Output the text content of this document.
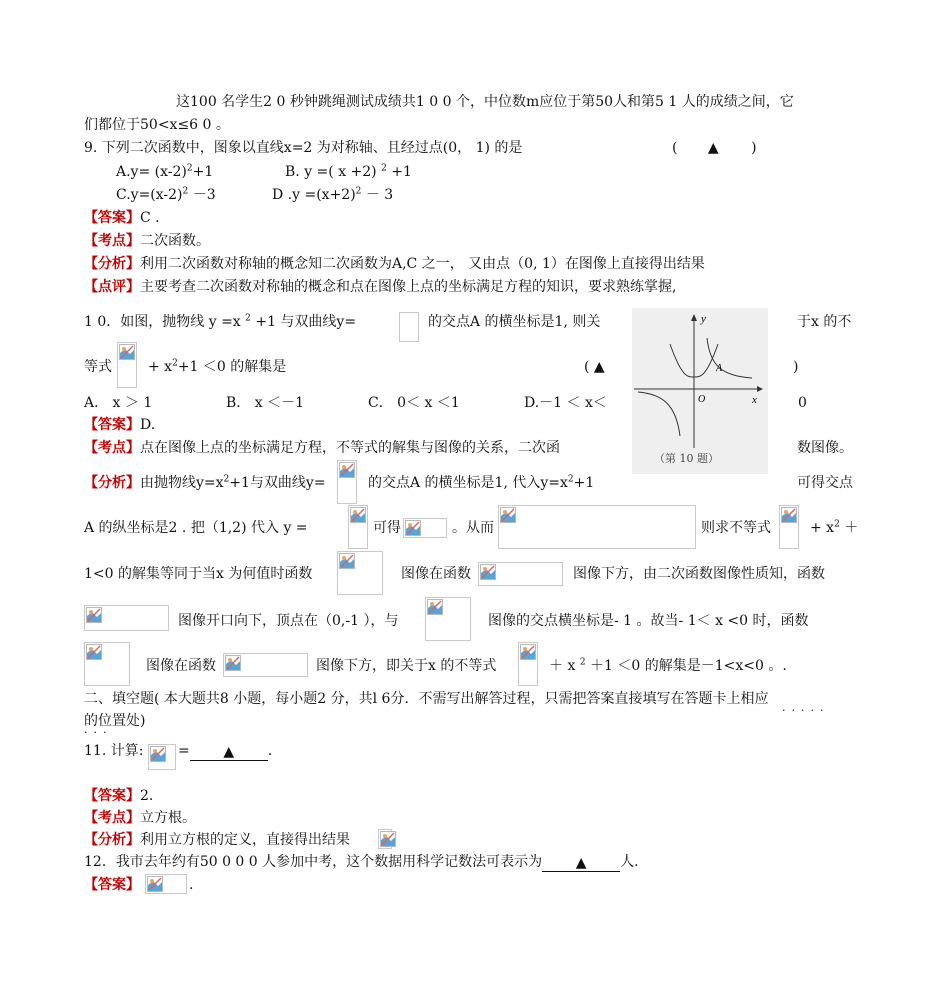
这100 名学生2 0 秒钟跳绳测试成绩共1 0 0 个，中位数m应位于第50人和第5 1 人的成绩之间，它
们都位于50<x≤6 0 。
9. 下列二次函数中，图象以直线x=2 为对称轴、且经过点(0， 1) 的是	( ▲ )
$A.y= (x-2)^2+1$	B. y =( x +2) $^2$ +1
$C.y=(x-2)^2 -3$	D $.y =(x+2)^2 - 3$
【答案】C .
【考点】二次函数。
【分析】利用二次函数对称轴的概念知二次函数为A,C 之一， 又由点（0, 1）在图像上直接得出结果
【点评】主要考查二次函数对称轴的概念和点在图像上点的坐标满足方程的知识，要求熟练掌握,
1 0．如图，抛物线 y =x $^2$ +1 与双曲线y=	的交点A 的横坐标是1, 则关	于x 的不
等式	+ $x^2+1 <0$ 的解集是	( ▲	)
A． x ＞ 1	B． x ＜－1	C． 0＜ x ＜1	D.－1 ＜ x＜	0
【答案】D.
【考点】点在图像上点的坐标满足方程，不等式的解集与图像的关系，二次函	数图像。
y
x
A
O
（第 10 题）
【分析】由抛物线$y=x^2+1$与双曲线y=	的交点A 的横坐标是1, 代入$y=x^2+1$	可得交点
A 的纵坐标是2 . 把（1,2) 代入 y =	可得	。从而	则求不等式	+ $x^2$ ＋
1<0 的解集等同于当x 为何值时函数	图像在函数	图像下方，由二次函数图像性质知，函数
图像开口向下，顶点在（0,-1 ），与	图像的交点横坐标是- 1 。故当- 1＜ x <0 时，函数
图像在函数	图像下方，即关于x 的不等式	＋ x $^2$ ＋1 ＜0 的解集是－1<x<0 。.
二、填空题( 本大题共8 小题，每小题2 分，共l 6分．不需写出解答过程，只需把答案直接填写在答题卡上相应
·····
的位置处)
···
11. 计算: = ▲ .
【答案】2.
【考点】立方根。
【分析】利用立方根的定义，直接得出结果
12．我市去年约有50 0 0 0 人参加中考，这个数据用科学记数法可表示为 ▲ 人.
【答案】	.
